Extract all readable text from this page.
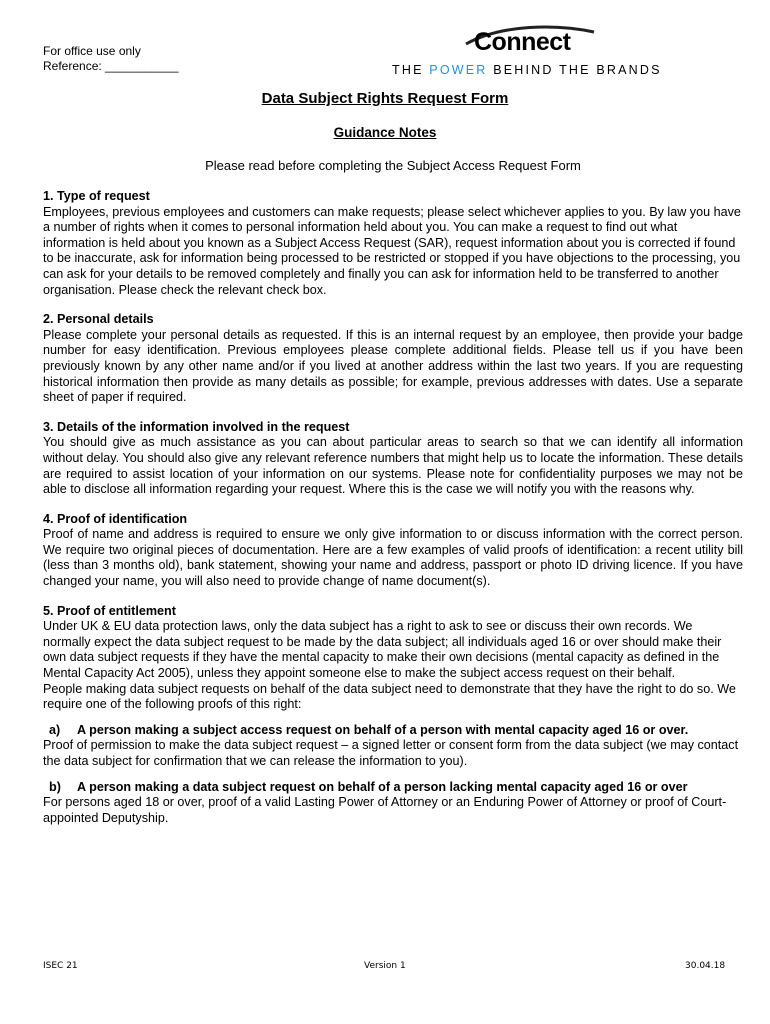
For office use only
Reference: ___________
Connect
THE POWER BEHIND THE BRANDS
Data Subject Rights Request Form
Guidance Notes
Please read before completing the Subject Access Request Form
1. Type of request

Employees, previous employees and customers can make requests; please select whichever applies to you. By law you have a number of rights when it comes to personal information held about you. You can make a request to find out what information is held about you known as a Subject Access Request (SAR), request information about you is corrected if found to be inaccurate, ask for information being processed to be restricted or stopped if you have objections to the processing, you can ask for your details to be removed completely and finally you can ask for information held to be transferred to another organisation. Please check the relevant check box.

2. Personal details

Please complete your personal details as requested. If this is an internal request by an employee, then provide your badge number for easy identification. Previous employees please complete additional fields. Please tell us if you have been previously known by any other name and/or if you lived at another address within the last two years. If you are requesting historical information then provide as many details as possible; for example, previous addresses with dates. Use a separate sheet of paper if required.

3. Details of the information involved in the request

You should give as much assistance as you can about particular areas to search so that we can identify all information without delay. You should also give any relevant reference numbers that might help us to locate the information. These details are required to assist location of your information on our systems. Please note for confidentiality purposes we may not be able to disclose all information regarding your request. Where this is the case we will notify you with the reasons why.

4. Proof of identification

Proof of name and address is required to ensure we only give information to or discuss information with the correct person. We require two original pieces of documentation. Here are a few examples of valid proofs of identification: a recent utility bill (less than 3 months old), bank statement, showing your name and address, passport or photo ID driving licence. If you have changed your name, you will also need to provide change of name document(s).

5. Proof of entitlement

Under UK & EU data protection laws, only the data subject has a right to ask to see or discuss their own records. We normally expect the data subject request to be made by the data subject; all individuals aged 16 or over should make their own data subject requests if they have the mental capacity to make their own decisions (mental capacity as defined in the Mental Capacity Act 2005), unless they appoint someone else to make the subject access request on their behalf.

People making data subject requests on behalf of the data subject need to demonstrate that they have the right to do so. We require one of the following proofs of this right:

a)	A person making a subject access request on behalf of a person with mental capacity aged 16 or over.

Proof of permission to make the data subject request – a signed letter or consent form from the data subject (we may contact the data subject for confirmation that we can release the information to you).

b)	A person making a data subject request on behalf of a person lacking mental capacity aged 16 or over

For persons aged 18 or over, proof of a valid Lasting Power of Attorney or an Enduring Power of Attorney or proof of Court-appointed Deputyship.

ISEC 21	Version 1	30.04.18
